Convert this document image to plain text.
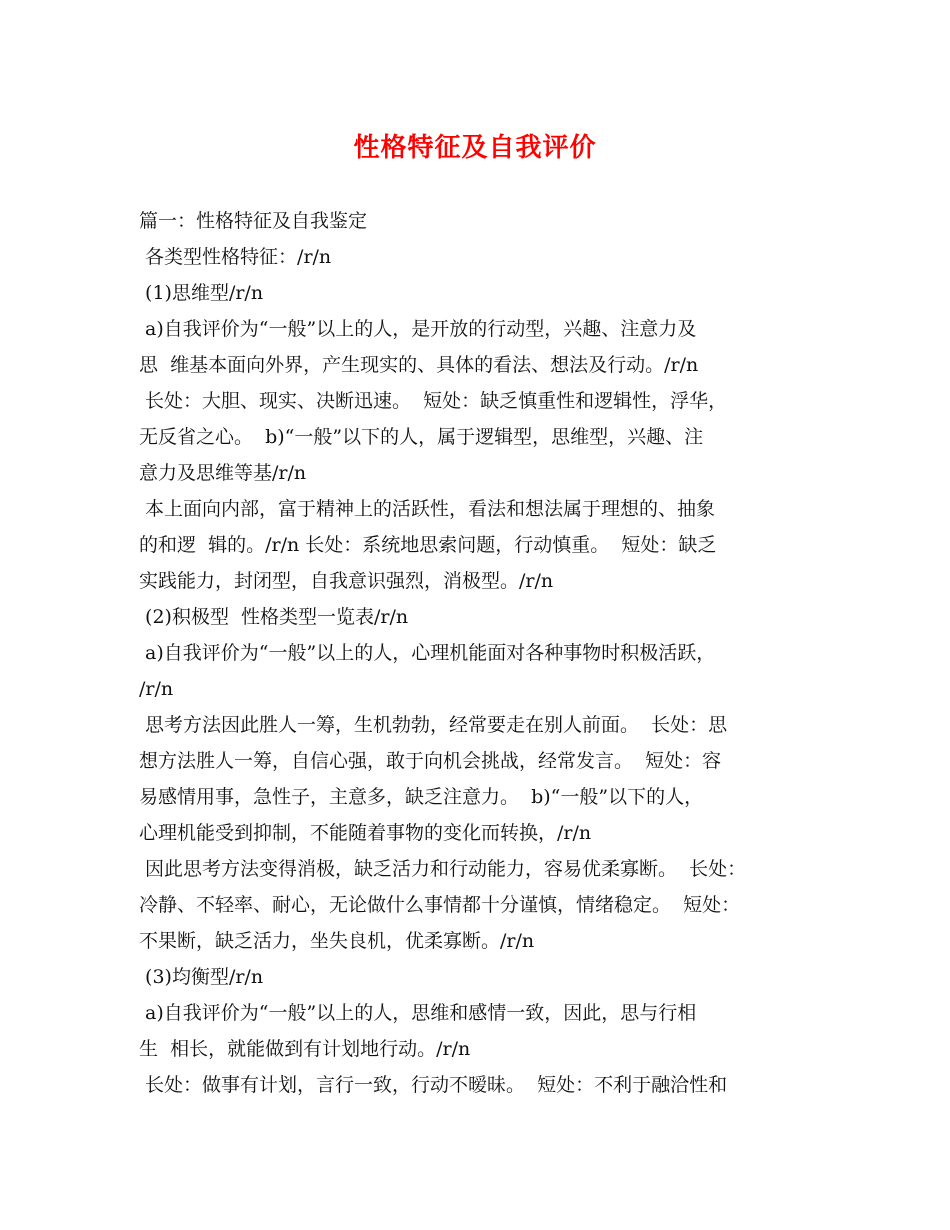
性格特征及自我评价
篇一：性格特征及自我鉴定
各类型性格特征：/r/n
(1)思维型/r/n
a)自我评价为“一般”以上的人，是开放的行动型，兴趣、注意力及
思  维基本面向外界，产生现实的、具体的看法、想法及行动。/r/n
长处：大胆、现实、决断迅速。  短处：缺乏慎重性和逻辑性，浮华，
无反省之心。  b)“一般”以下的人，属于逻辑型，思维型，兴趣、注
意力及思维等基/r/n
本上面向内部，富于精神上的活跃性，看法和想法属于理想的、抽象
的和逻  辑的。/r/n 长处：系统地思索问题，行动慎重。  短处：缺乏
实践能力，封闭型，自我意识强烈，消极型。/r/n
(2)积极型  性格类型一览表/r/n
a)自我评价为“一般”以上的人，心理机能面对各种事物时积极活跃，
/r/n
思考方法因此胜人一筹，生机勃勃，经常要走在别人前面。  长处：思
想方法胜人一筹，自信心强，敢于向机会挑战，经常发言。  短处：容
易感情用事，急性子，主意多，缺乏注意力。  b)“一般”以下的人，
心理机能受到抑制，不能随着事物的变化而转换，/r/n
因此思考方法变得消极，缺乏活力和行动能力，容易优柔寡断。  长处：
冷静、不轻率、耐心，无论做什么事情都十分谨慎，情绪稳定。  短处：
不果断，缺乏活力，坐失良机，优柔寡断。/r/n
(3)均衡型/r/n
a)自我评价为“一般”以上的人，思维和感情一致，因此，思与行相
生  相长，就能做到有计划地行动。/r/n
长处：做事有计划，言行一致，行动不暧昧。  短处：不利于融洽性和
